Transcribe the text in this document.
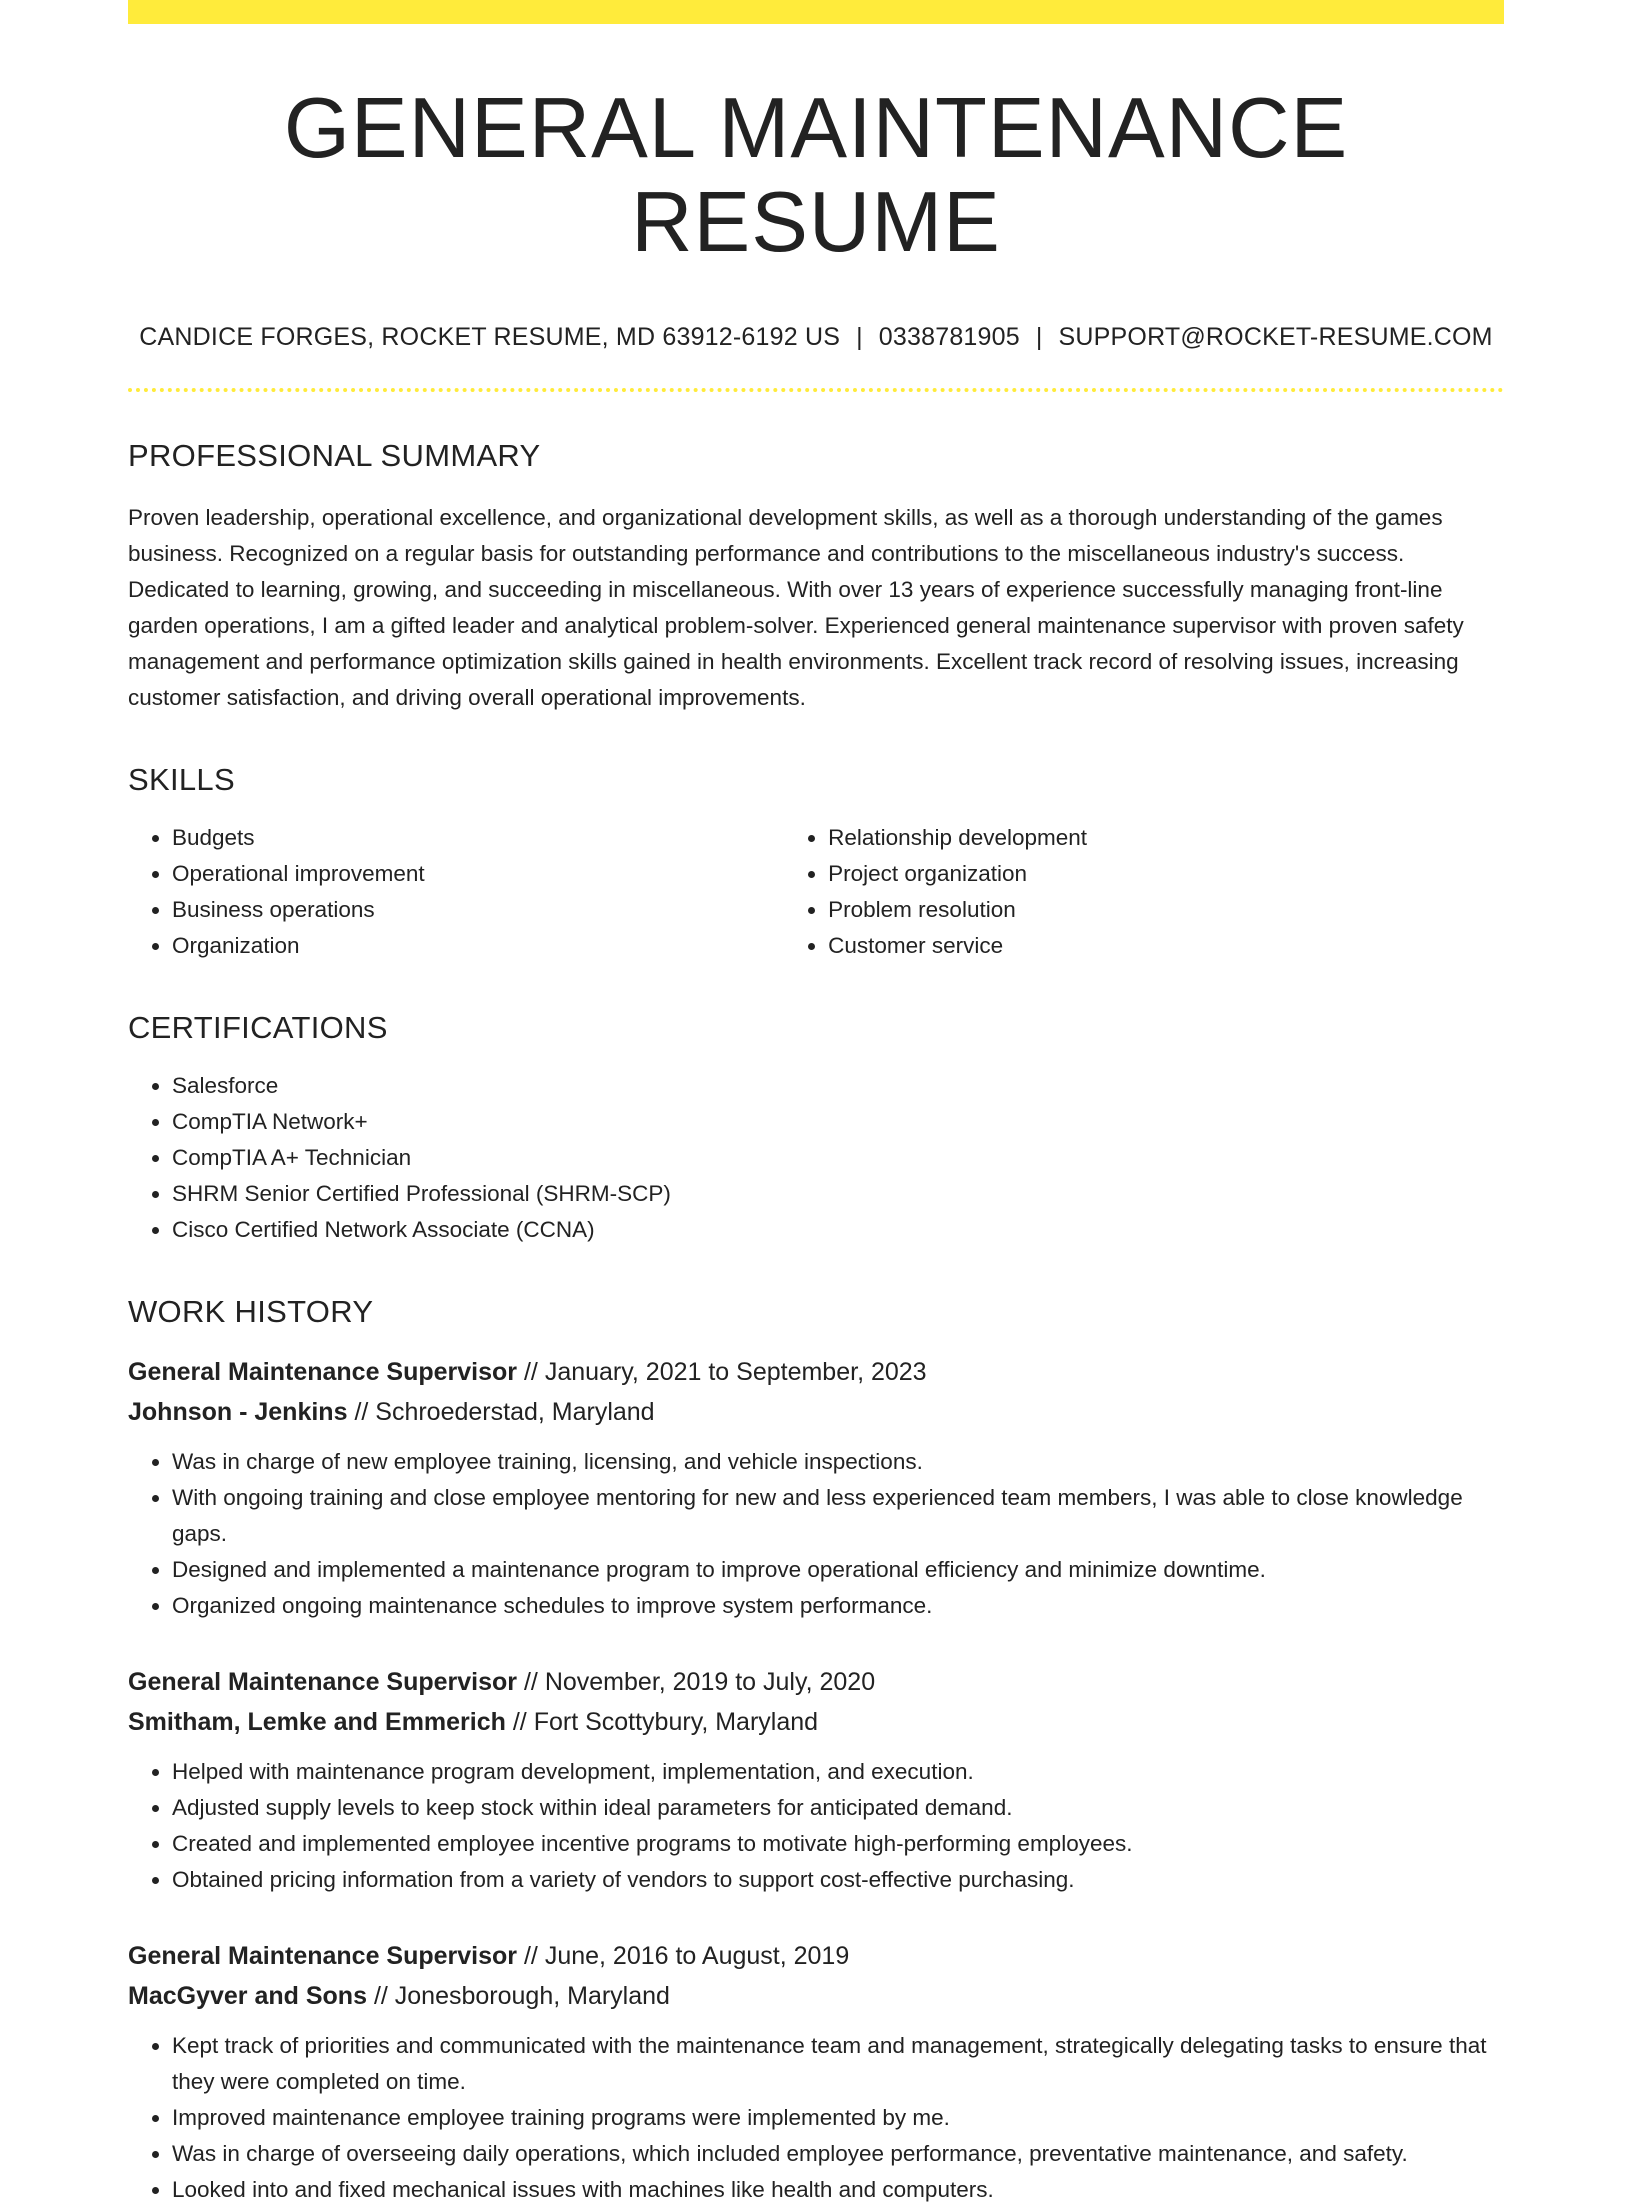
GENERAL MAINTENANCE RESUME
CANDICE FORGES, ROCKET RESUME, MD 63912-6192 US | 0338781905 | SUPPORT@ROCKET-RESUME.COM
PROFESSIONAL SUMMARY

Proven leadership, operational excellence, and organizational development skills, as well as a thorough understanding of the games business. Recognized on a regular basis for outstanding performance and contributions to the miscellaneous industry's success. Dedicated to learning, growing, and succeeding in miscellaneous. With over 13 years of experience successfully managing front-line garden operations, I am a gifted leader and analytical problem-solver. Experienced general maintenance supervisor with proven safety management and performance optimization skills gained in health environments. Excellent track record of resolving issues, increasing customer satisfaction, and driving overall operational improvements.

SKILLS
• Budgets
• Operational improvement
• Business operations
• Organization
• Relationship development
• Project organization
• Problem resolution
• Customer service
CERTIFICATIONS
• Salesforce
• CompTIA Network+
• CompTIA A+ Technician
• SHRM Senior Certified Professional (SHRM-SCP)
• Cisco Certified Network Associate (CCNA)
WORK HISTORY
General Maintenance Supervisor // January, 2021 to September, 2023
Johnson - Jenkins // Schroederstad, Maryland
• Was in charge of new employee training, licensing, and vehicle inspections.
• With ongoing training and close employee mentoring for new and less experienced team members, I was able to close knowledge gaps.
• Designed and implemented a maintenance program to improve operational efficiency and minimize downtime.
• Organized ongoing maintenance schedules to improve system performance.
General Maintenance Supervisor // November, 2019 to July, 2020
Smitham, Lemke and Emmerich // Fort Scottybury, Maryland
• Helped with maintenance program development, implementation, and execution.
• Adjusted supply levels to keep stock within ideal parameters for anticipated demand.
• Created and implemented employee incentive programs to motivate high-performing employees.
• Obtained pricing information from a variety of vendors to support cost-effective purchasing.
General Maintenance Supervisor // June, 2016 to August, 2019
MacGyver and Sons // Jonesborough, Maryland
• Kept track of priorities and communicated with the maintenance team and management, strategically delegating tasks to ensure that they were completed on time.
• Improved maintenance employee training programs were implemented by me.
• Was in charge of overseeing daily operations, which included employee performance, preventative maintenance, and safety.
• Looked into and fixed mechanical issues with machines like health and computers.
